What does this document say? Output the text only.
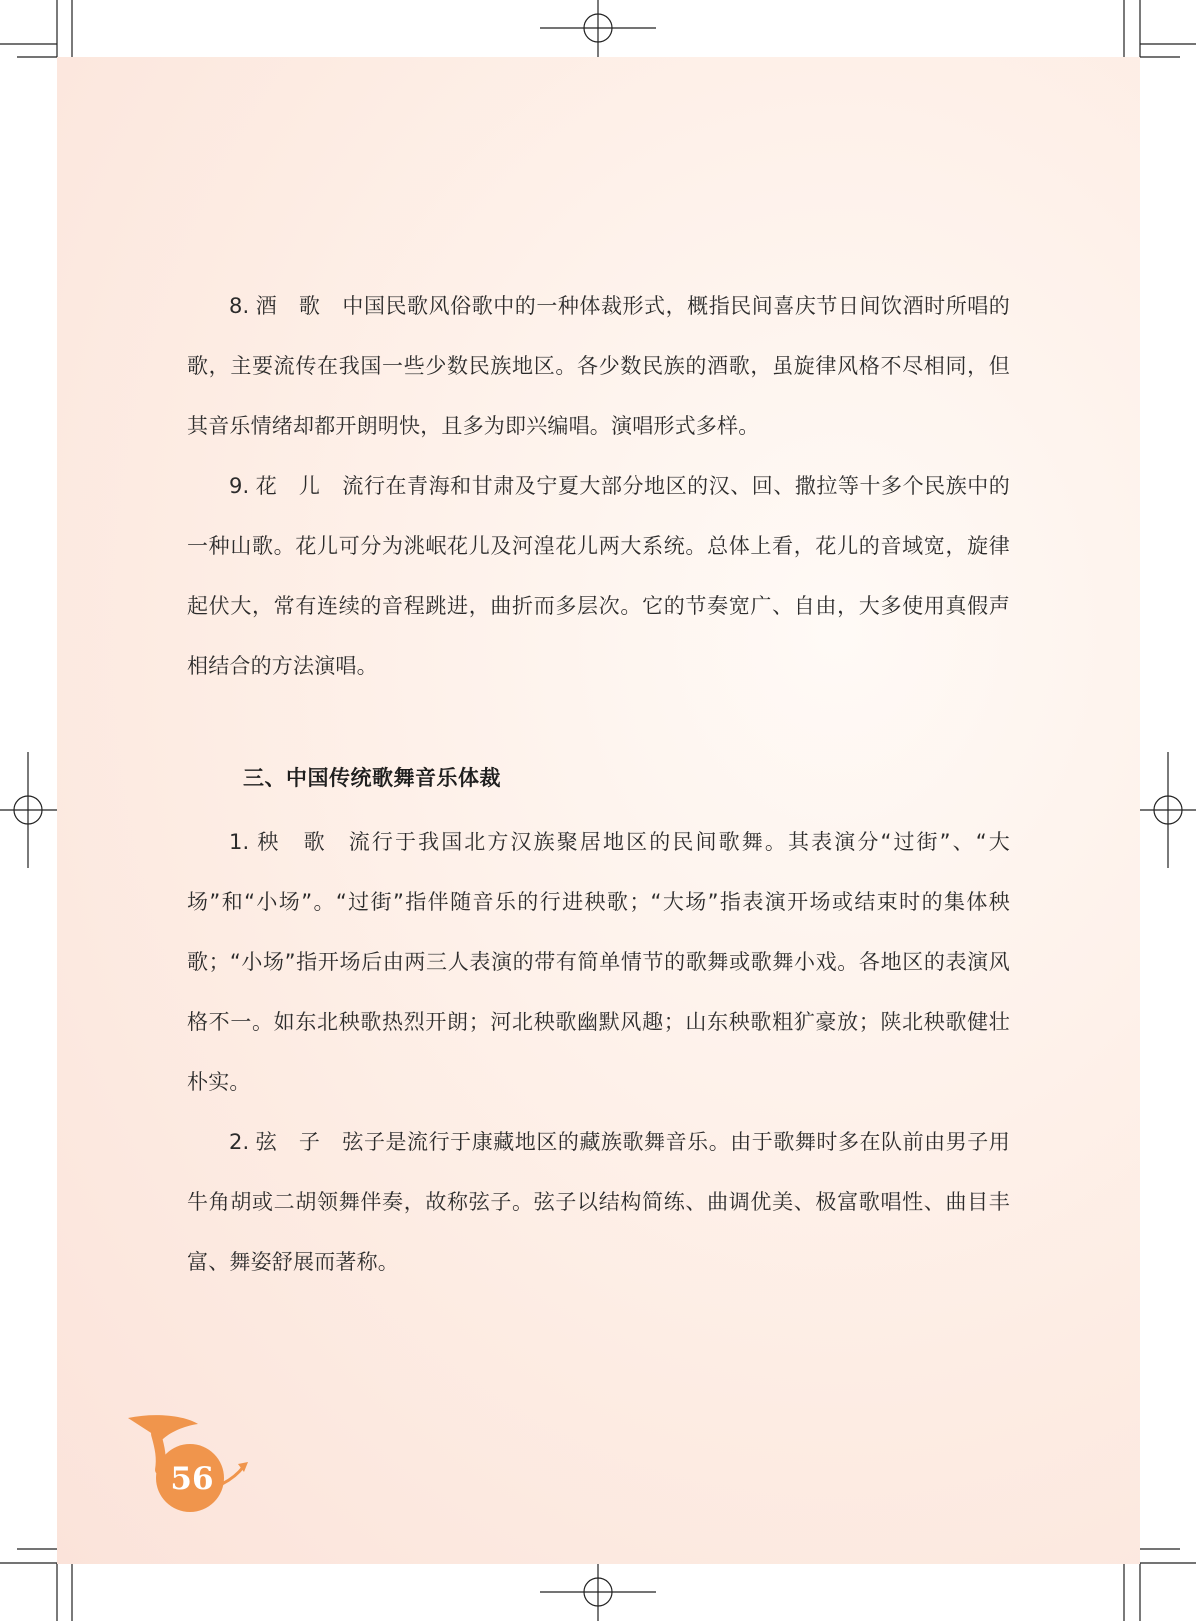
8. 酒　歌 中国民歌风俗歌中的一种体裁形式，概指民间喜庆节日间饮酒时所唱的歌，主要流传在我国一些少数民族地区。各少数民族的酒歌，虽旋律风格不尽相同，但其音乐情绪却都开朗明快，且多为即兴编唱。演唱形式多样。

9. 花　儿 流行在青海和甘肃及宁夏大部分地区的汉、回、撒拉等十多个民族中的一种山歌。花儿可分为洮岷花儿及河湟花儿两大系统。总体上看，花儿的音域宽，旋律起伏大，常有连续的音程跳进，曲折而多层次。它的节奏宽广、自由，大多使用真假声相结合的方法演唱。

三、中国传统歌舞音乐体裁

1. 秧　歌 流行于我国北方汉族聚居地区的民间歌舞。其表演分“过街”、“大场”和“小场”。“过街”指伴随音乐的行进秧歌；“大场”指表演开场或结束时的集体秧歌；“小场”指开场后由两三人表演的带有简单情节的歌舞或歌舞小戏。各地区的表演风格不一。如东北秧歌热烈开朗；河北秧歌幽默风趣；山东秧歌粗犷豪放；陕北秧歌健壮朴实。

2. 弦　子 弦子是流行于康藏地区的藏族歌舞音乐。由于歌舞时多在队前由男子用牛角胡或二胡领舞伴奏，故称弦子。弦子以结构简练、曲调优美、极富歌唱性、曲目丰富、舞姿舒展而著称。

56
